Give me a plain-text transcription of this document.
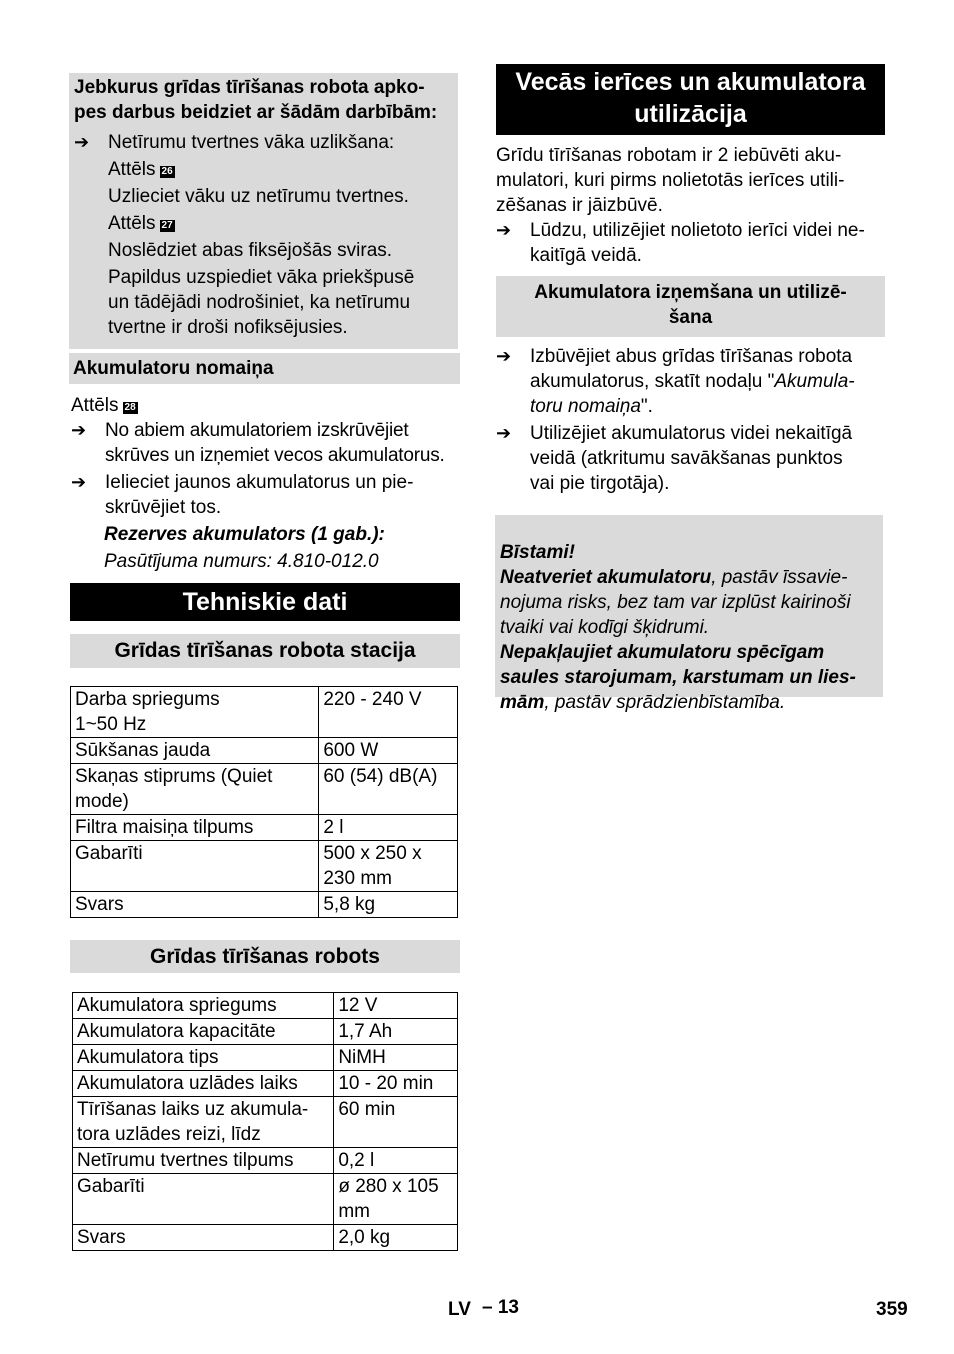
Jebkurus grīdas tīrīšanas robota apko-
pes darbus beidziet ar šādām darbībām:
➔ Netīrumu tvertnes vāka uzlikšana:
Attēls 26
Uzlieciet vāku uz netīrumu tvertnes.
Attēls 27
Noslēdziet abas fiksējošās sviras.
Papildus uzspiediet vāka priekšpusē
un tādējādi nodrošiniet, ka netīrumu
tvertne ir droši nofiksējusies.
Akumulatoru nomaiņa
Attēls 28
➔ No abiem akumulatoriem izskrūvējiet
skrūves un izņemiet vecos akumulatorus.
➔ Ielieciet jaunos akumulatorus un pie-
skrūvējiet tos.
Rezerves akumulators (1 gab.):
Pasūtījuma numurs: 4.810-012.0
Tehniskie dati
Grīdas tīrīšanas robota stacija
Darba spriegums
1~50 Hz	220 - 240 V
Sūkšanas jauda	600 W
Skaņas stiprums (Quiet
mode)	60 (54) dB(A)
Filtra maisiņa tilpums	2 l
Gabarīti	500 x 250 x
230 mm
Svars	5,8 kg
Grīdas tīrīšanas robots
Akumulatora spriegums	12 V
Akumulatora kapacitāte	1,7 Ah
Akumulatora tips	NiMH
Akumulatora uzlādes laiks	10 - 20 min
Tīrīšanas laiks uz akumula-
tora uzlādes reizi, līdz	60 min
Netīrumu tvertnes tilpums	0,2 l
Gabarīti	ø 280 x 105
mm
Svars	2,0 kg
Vecās ierīces un akumulatora
utilizācija
Grīdu tīrīšanas robotam ir 2 iebūvēti aku-
mulatori, kuri pirms nolietotās ierīces utili-
zēšanas ir jāizbūvē.
➔ Lūdzu, utilizējiet nolietoto ierīci videi ne-
kaitīgā veidā.
Akumulatora izņemšana un utilizē-
šana
➔ Izbūvējiet abus grīdas tīrīšanas robota
akumulatorus, skatīt nodaļu "Akumula-
toru nomaiņa".
➔ Utilizējiet akumulatorus videi nekaitīgā
veidā (atkritumu savākšanas punktos
vai pie tirgotāja).

Bīstami!
Neatveriet akumulatoru, pastāv īssavie-
nojuma risks, bez tam var izplūst kairinoši
tvaiki vai kodīgi šķidrumi.
Nepakļaujiet akumulatoru spēcīgam
saules starojumam, karstumam un lies-
mām, pastāv sprādzienbīstamība.
LV – 13	359
